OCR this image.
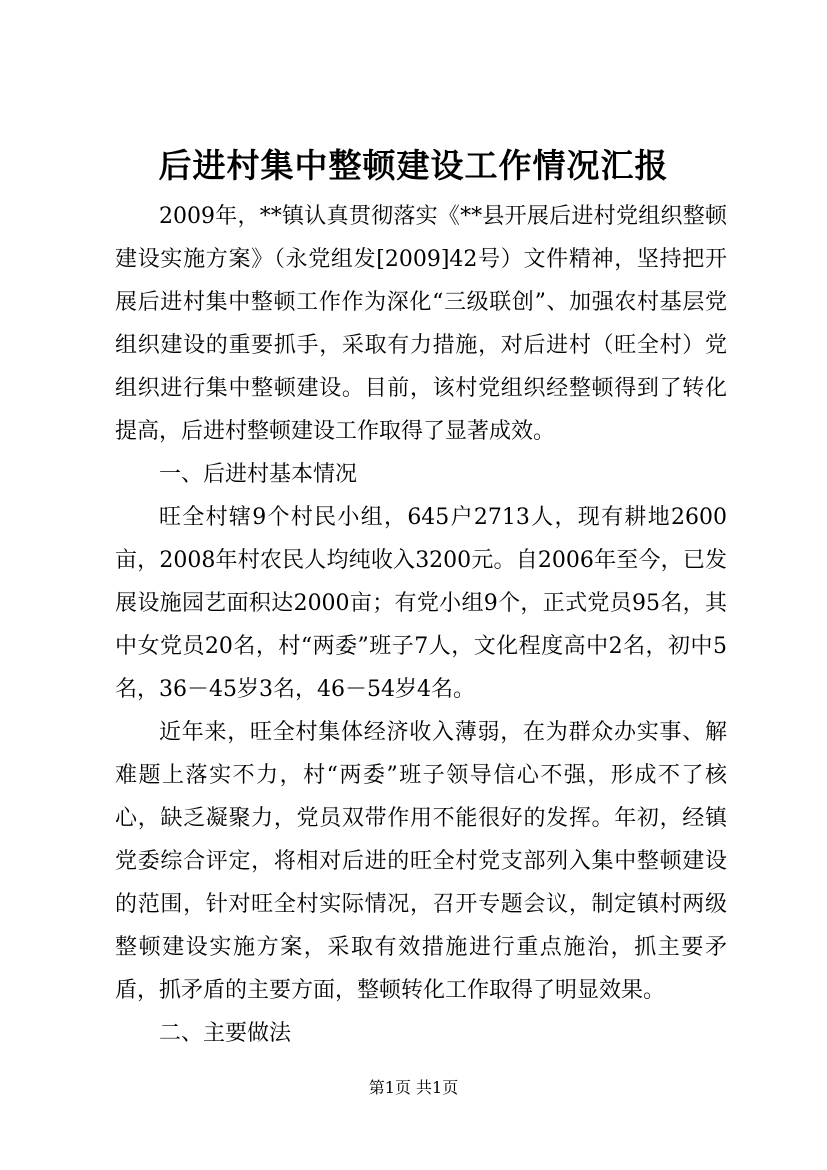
后进村集中整顿建设工作情况汇报

2009年，**镇认真贯彻落实《**县开展后进村党组织整顿建设实施方案》（永党组发[2009]42号）文件精神，坚持把开展后进村集中整顿工作作为深化“三级联创”、加强农村基层党组织建设的重要抓手，采取有力措施，对后进村（旺全村）党组织进行集中整顿建设。目前，该村党组织经整顿得到了转化提高，后进村整顿建设工作取得了显著成效。

一、后进村基本情况

旺全村辖9个村民小组，645户2713人，现有耕地2600亩，2008年村农民人均纯收入3200元。自2006年至今，已发展设施园艺面积达2000亩；有党小组9个，正式党员95名，其中女党员20名，村“两委”班子7人，文化程度高中2名，初中5名，36－45岁3名，46－54岁4名。

近年来，旺全村集体经济收入薄弱，在为群众办实事、解难题上落实不力，村“两委”班子领导信心不强，形成不了核心，缺乏凝聚力，党员双带作用不能很好的发挥。年初，经镇党委综合评定，将相对后进的旺全村党支部列入集中整顿建设的范围，针对旺全村实际情况，召开专题会议，制定镇村两级整顿建设实施方案，采取有效措施进行重点施治，抓主要矛盾，抓矛盾的主要方面，整顿转化工作取得了明显效果。

二、主要做法

第1页 共1页
